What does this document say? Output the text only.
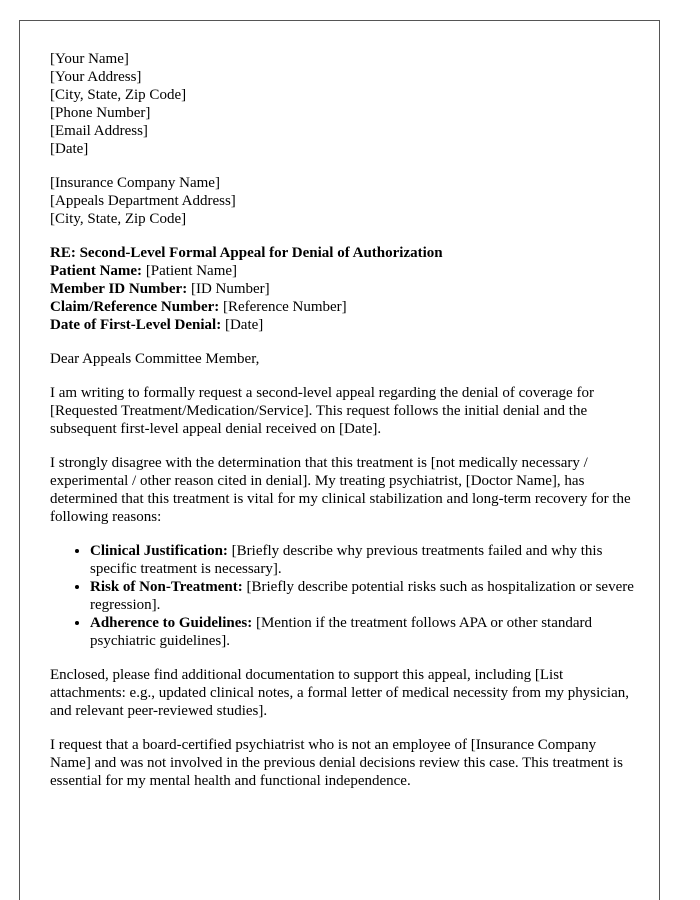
[Your Name]
[Your Address]
[City, State, Zip Code]
[Phone Number]
[Email Address]
[Date]
[Insurance Company Name]
[Appeals Department Address]
[City, State, Zip Code]
RE: Second-Level Formal Appeal for Denial of Authorization
Patient Name: [Patient Name]
Member ID Number: [ID Number]
Claim/Reference Number: [Reference Number]
Date of First-Level Denial: [Date]

Dear Appeals Committee Member,

I am writing to formally request a second-level appeal regarding the denial of coverage for [Requested Treatment/Medication/Service]. This request follows the initial denial and the subsequent first-level appeal denial received on [Date].

I strongly disagree with the determination that this treatment is [not medically necessary / experimental / other reason cited in denial]. My treating psychiatrist, [Doctor Name], has determined that this treatment is vital for my clinical stabilization and long-term recovery for the following reasons:

• Clinical Justification: [Briefly describe why previous treatments failed and why this specific treatment is necessary].
• Risk of Non-Treatment: [Briefly describe potential risks such as hospitalization or severe regression].
• Adherence to Guidelines: [Mention if the treatment follows APA or other standard psychiatric guidelines].

Enclosed, please find additional documentation to support this appeal, including [List attachments: e.g., updated clinical notes, a formal letter of medical necessity from my physician, and relevant peer-reviewed studies].

I request that a board-certified psychiatrist who is not an employee of [Insurance Company Name] and was not involved in the previous denial decisions review this case. This treatment is essential for my mental health and functional independence.
